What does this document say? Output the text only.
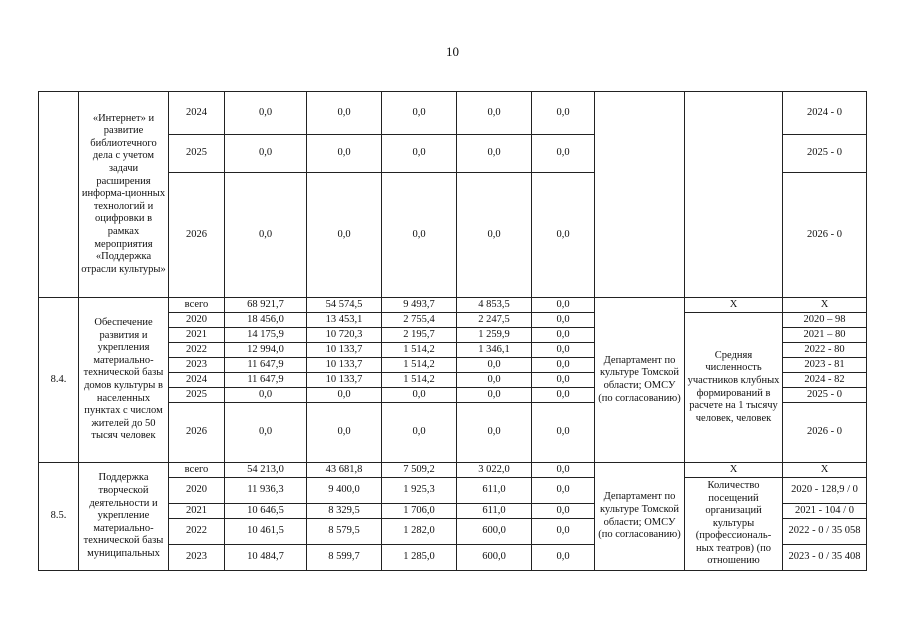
10
	«Интернет» и развитие библиотечного дела с учетом задачи расширения информа-ционных технологий и оцифровки в рамках мероприятия «Поддержка отрасли культуры»	2024	0,0	0,0	0,0	0,0	0,0			2024 - 0
		2025	0,0	0,0	0,0	0,0	0,0			2025 - 0
		2026	0,0	0,0	0,0	0,0	0,0			2026 - 0
8.4.	Обеспечение развития и укрепления материально-технической базы домов культуры в населенных пунктах с числом жителей до 50 тысяч человек	всего	68 921,7	54 574,5	9 493,7	4 853,5	0,0	Департамент по культуре Томской области; ОМСУ (по согласованию)	Х	Х
		2020	18 456,0	13 453,1	2 755,4	2 247,5	0,0		Средняя численность участников клубных формирований в расчете на 1 тысячу человек, человек	2020 – 98
		2021	14 175,9	10 720,3	2 195,7	1 259,9	0,0			2021 – 80
		2022	12 994,0	10 133,7	1 514,2	1 346,1	0,0			2022 - 80
		2023	11 647,9	10 133,7	1 514,2	0,0	0,0			2023 - 81
		2024	11 647,9	10 133,7	1 514,2	0,0	0,0			2024 - 82
		2025	0,0	0,0	0,0	0,0	0,0			2025 - 0
		2026	0,0	0,0	0,0	0,0	0,0			2026 - 0
8.5.	Поддержка творческой деятельности и укрепление материально-технической базы муниципальных	всего	54 213,0	43 681,8	7 509,2	3 022,0	0,0	Департамент по культуре Томской области; ОМСУ (по согласованию)	Х	Х
		2020	11 936,3	9 400,0	1 925,3	611,0	0,0		Количество посещений организаций культуры (профессиональ-ных театров) (по отношению	2020 - 128,9 / 0
		2021	10 646,5	8 329,5	1 706,0	611,0	0,0			2021 - 104 / 0
		2022	10 461,5	8 579,5	1 282,0	600,0	0,0			2022 - 0 / 35 058
		2023	10 484,7	8 599,7	1 285,0	600,0	0,0			2023 - 0 / 35 408
